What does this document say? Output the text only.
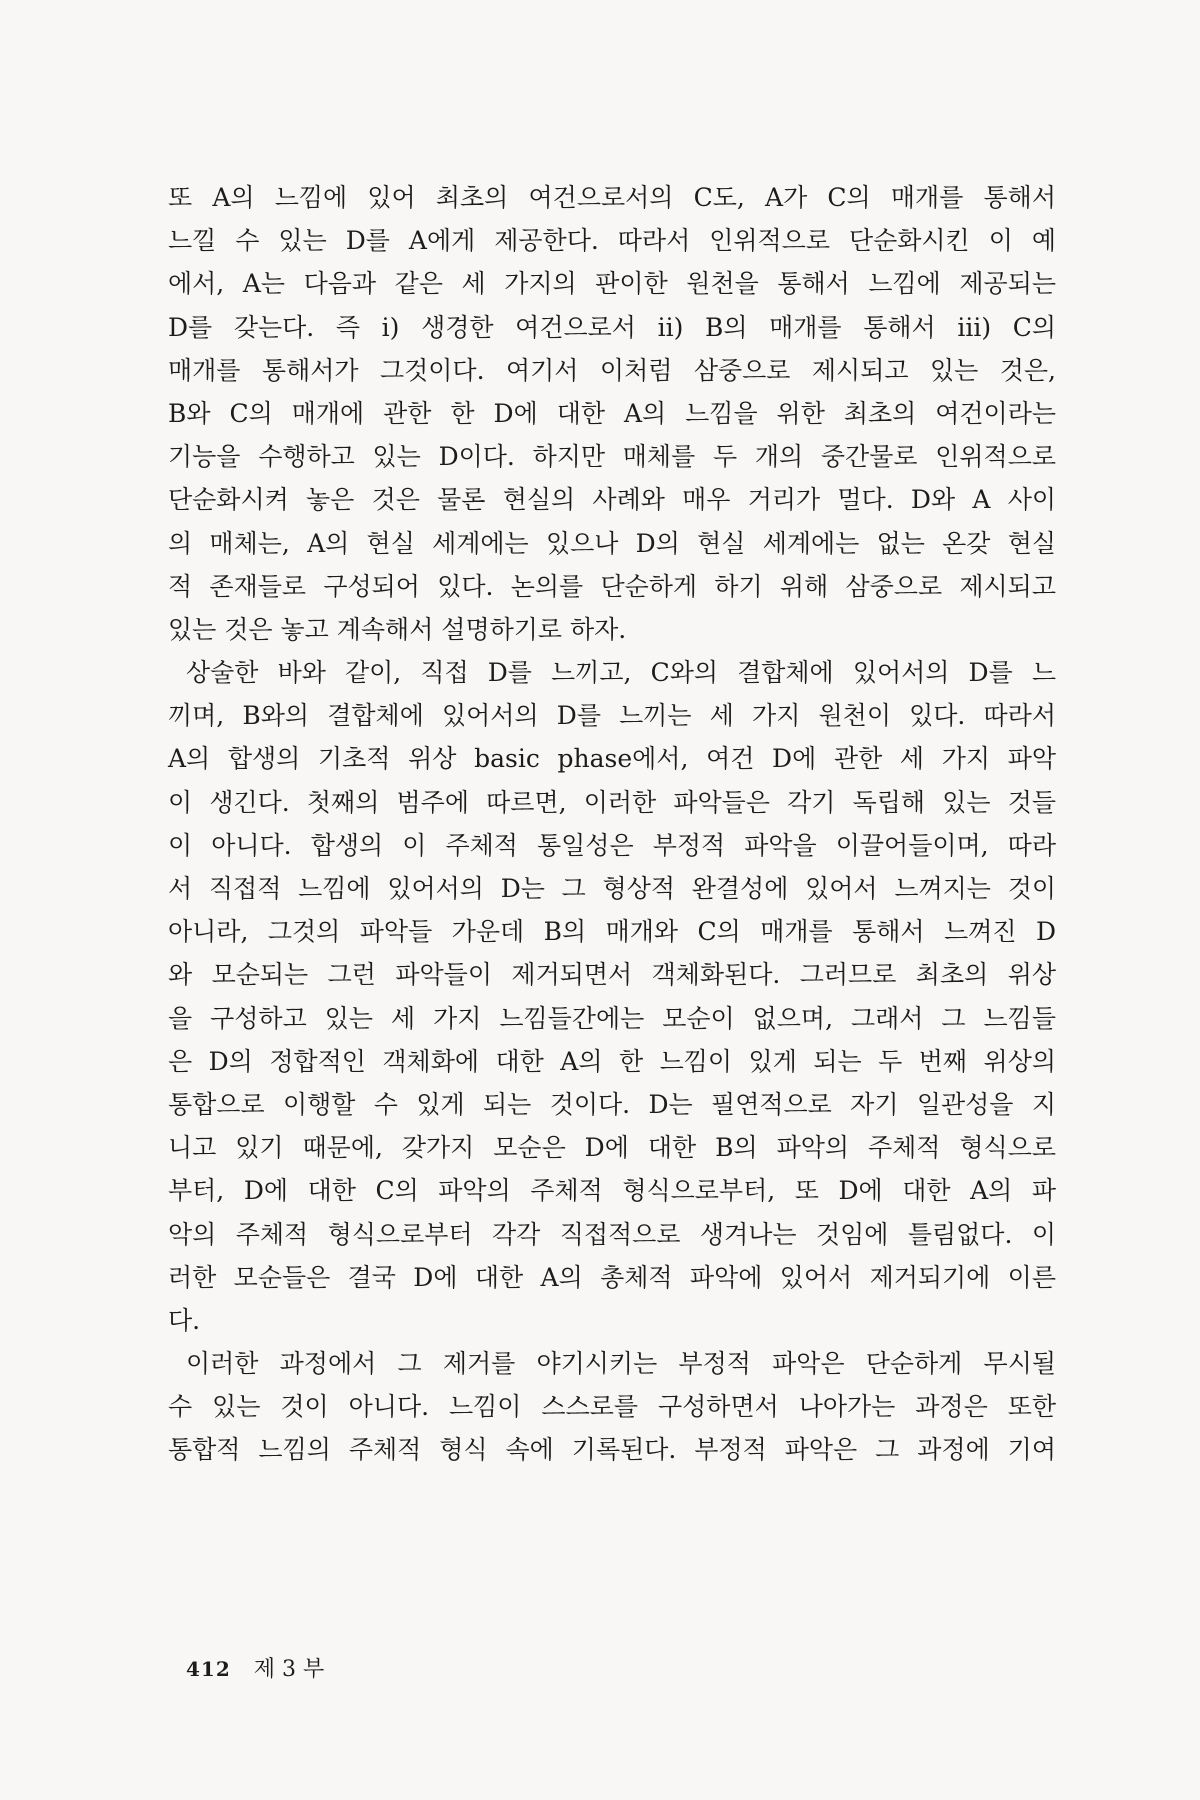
또 A의 느낌에 있어 최초의 여건으로서의 C도, A가 C의 매개를 통해서
느낄 수 있는 D를 A에게 제공한다. 따라서 인위적으로 단순화시킨 이 예
에서, A는 다음과 같은 세 가지의 판이한 원천을 통해서 느낌에 제공되는
D를 갖는다. 즉 i) 생경한 여건으로서 ii) B의 매개를 통해서 iii) C의
매개를 통해서가 그것이다. 여기서 이처럼 삼중으로 제시되고 있는 것은,
B와 C의 매개에 관한 한 D에 대한 A의 느낌을 위한 최초의 여건이라는
기능을 수행하고 있는 D이다. 하지만 매체를 두 개의 중간물로 인위적으로
단순화시켜 놓은 것은 물론 현실의 사례와 매우 거리가 멀다. D와 A 사이
의 매체는, A의 현실 세계에는 있으나 D의 현실 세계에는 없는 온갖 현실
적 존재들로 구성되어 있다. 논의를 단순하게 하기 위해 삼중으로 제시되고
있는 것은 놓고 계속해서 설명하기로 하자.
상술한 바와 같이, 직접 D를 느끼고, C와의 결합체에 있어서의 D를 느
끼며, B와의 결합체에 있어서의 D를 느끼는 세 가지 원천이 있다. 따라서
A의 합생의 기초적 위상 basic phase에서, 여건 D에 관한 세 가지 파악
이 생긴다. 첫째의 범주에 따르면, 이러한 파악들은 각기 독립해 있는 것들
이 아니다. 합생의 이 주체적 통일성은 부정적 파악을 이끌어들이며, 따라
서 직접적 느낌에 있어서의 D는 그 형상적 완결성에 있어서 느껴지는 것이
아니라, 그것의 파악들 가운데 B의 매개와 C의 매개를 통해서 느껴진 D
와 모순되는 그런 파악들이 제거되면서 객체화된다. 그러므로 최초의 위상
을 구성하고 있는 세 가지 느낌들간에는 모순이 없으며, 그래서 그 느낌들
은 D의 정합적인 객체화에 대한 A의 한 느낌이 있게 되는 두 번째 위상의
통합으로 이행할 수 있게 되는 것이다. D는 필연적으로 자기 일관성을 지
니고 있기 때문에, 갖가지 모순은 D에 대한 B의 파악의 주체적 형식으로
부터, D에 대한 C의 파악의 주체적 형식으로부터, 또 D에 대한 A의 파
악의 주체적 형식으로부터 각각 직접적으로 생겨나는 것임에 틀림없다. 이
러한 모순들은 결국 D에 대한 A의 총체적 파악에 있어서 제거되기에 이른
다.
이러한 과정에서 그 제거를 야기시키는 부정적 파악은 단순하게 무시될
수 있는 것이 아니다. 느낌이 스스로를 구성하면서 나아가는 과정은 또한
통합적 느낌의 주체적 형식 속에 기록된다. 부정적 파악은 그 과정에 기여
412 제 3 부
